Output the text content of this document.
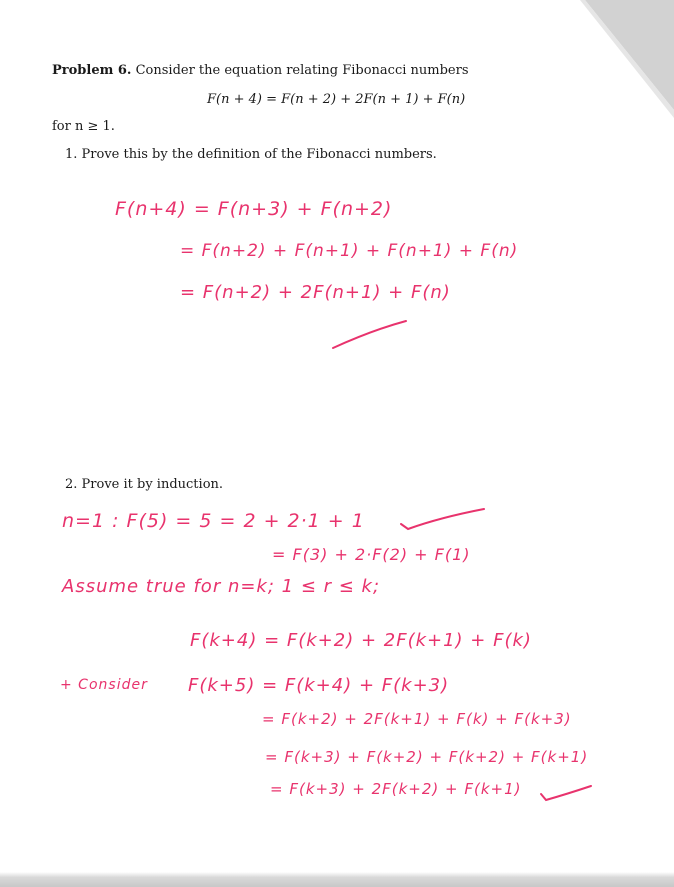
Problem 6. Consider the equation relating Fibonacci numbers
F(n + 4) = F(n + 2) + 2F(n + 1) + F(n)
for n ≥ 1.
1. Prove this by the definition of the Fibonacci numbers.
2. Prove it by induction.
F(n+4) = F(n+3) + F(n+2)
= F(n+2) + F(n+1) + F(n+1) + F(n)
= F(n+2) + 2F(n+1) + F(n)
n=1 : F(5) = 5 = 2 + 2·1 + 1
= F(3) + 2·F(2) + F(1)
Assume true for n=k; 1 ≤ r ≤ k;
F(k+4) = F(k+2) + 2F(k+1) + F(k)
+ Consider F(k+5) = F(k+4) + F(k+3)
= F(k+2) + 2F(k+1) + F(k) + F(k+3)
= F(k+3) + F(k+2) + F(k+2) + F(k+1)
= F(k+3) + 2F(k+2) + F(k+1)
